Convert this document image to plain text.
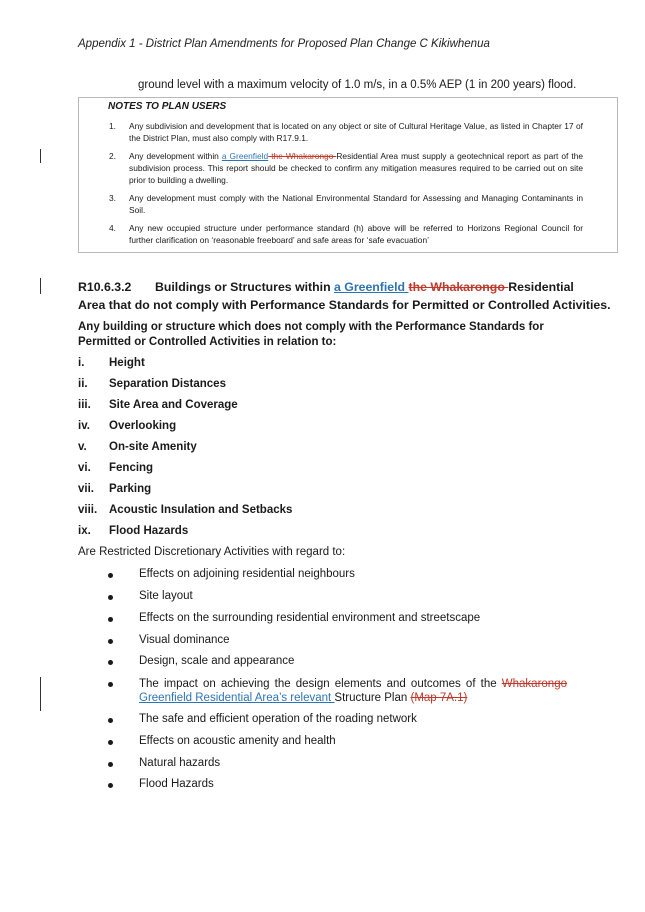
Appendix 1 - District Plan Amendments for Proposed Plan Change C Kikiwhenua
ground level with a maximum velocity of 1.0 m/s, in a 0.5% AEP (1 in 200 years) flood.
NOTES TO PLAN USERS
1. Any subdivision and development that is located on any object or site of Cultural Heritage Value, as listed in Chapter 17 of the District Plan, must also comply with R17.9.1.
2. Any development within a Greenfield the Whakarongo Residential Area must supply a geotechnical report as part of the subdivision process. This report should be checked to confirm any mitigation measures required to be carried out on site prior to building a dwelling.
3. Any development must comply with the National Environmental Standard for Assessing and Managing Contaminants in Soil.
4. Any new occupied structure under performance standard (h) above will be referred to Horizons Regional Council for further clarification on ‘reasonable freeboard’ and safe areas for ‘safe evacuation’
R10.6.3.2 Buildings or Structures within a Greenfield the Whakarongo Residential
Area that do not comply with Performance Standards for Permitted or Controlled Activities.
Any building or structure which does not comply with the Performance Standards for Permitted or Controlled Activities in relation to:
i. Height
ii. Separation Distances
iii. Site Area and Coverage
iv. Overlooking
v. On-site Amenity
vi. Fencing
vii. Parking
viii. Acoustic Insulation and Setbacks
ix. Flood Hazards
Are Restricted Discretionary Activities with regard to:
Effects on adjoining residential neighbours
Site layout
Effects on the surrounding residential environment and streetscape
Visual dominance
Design, scale and appearance
The impact on achieving the design elements and outcomes of the Whakarongo Greenfield Residential Area’s relevant Structure Plan (Map 7A.1)
The safe and efficient operation of the roading network
Effects on acoustic amenity and health
Natural hazards
Flood Hazards
